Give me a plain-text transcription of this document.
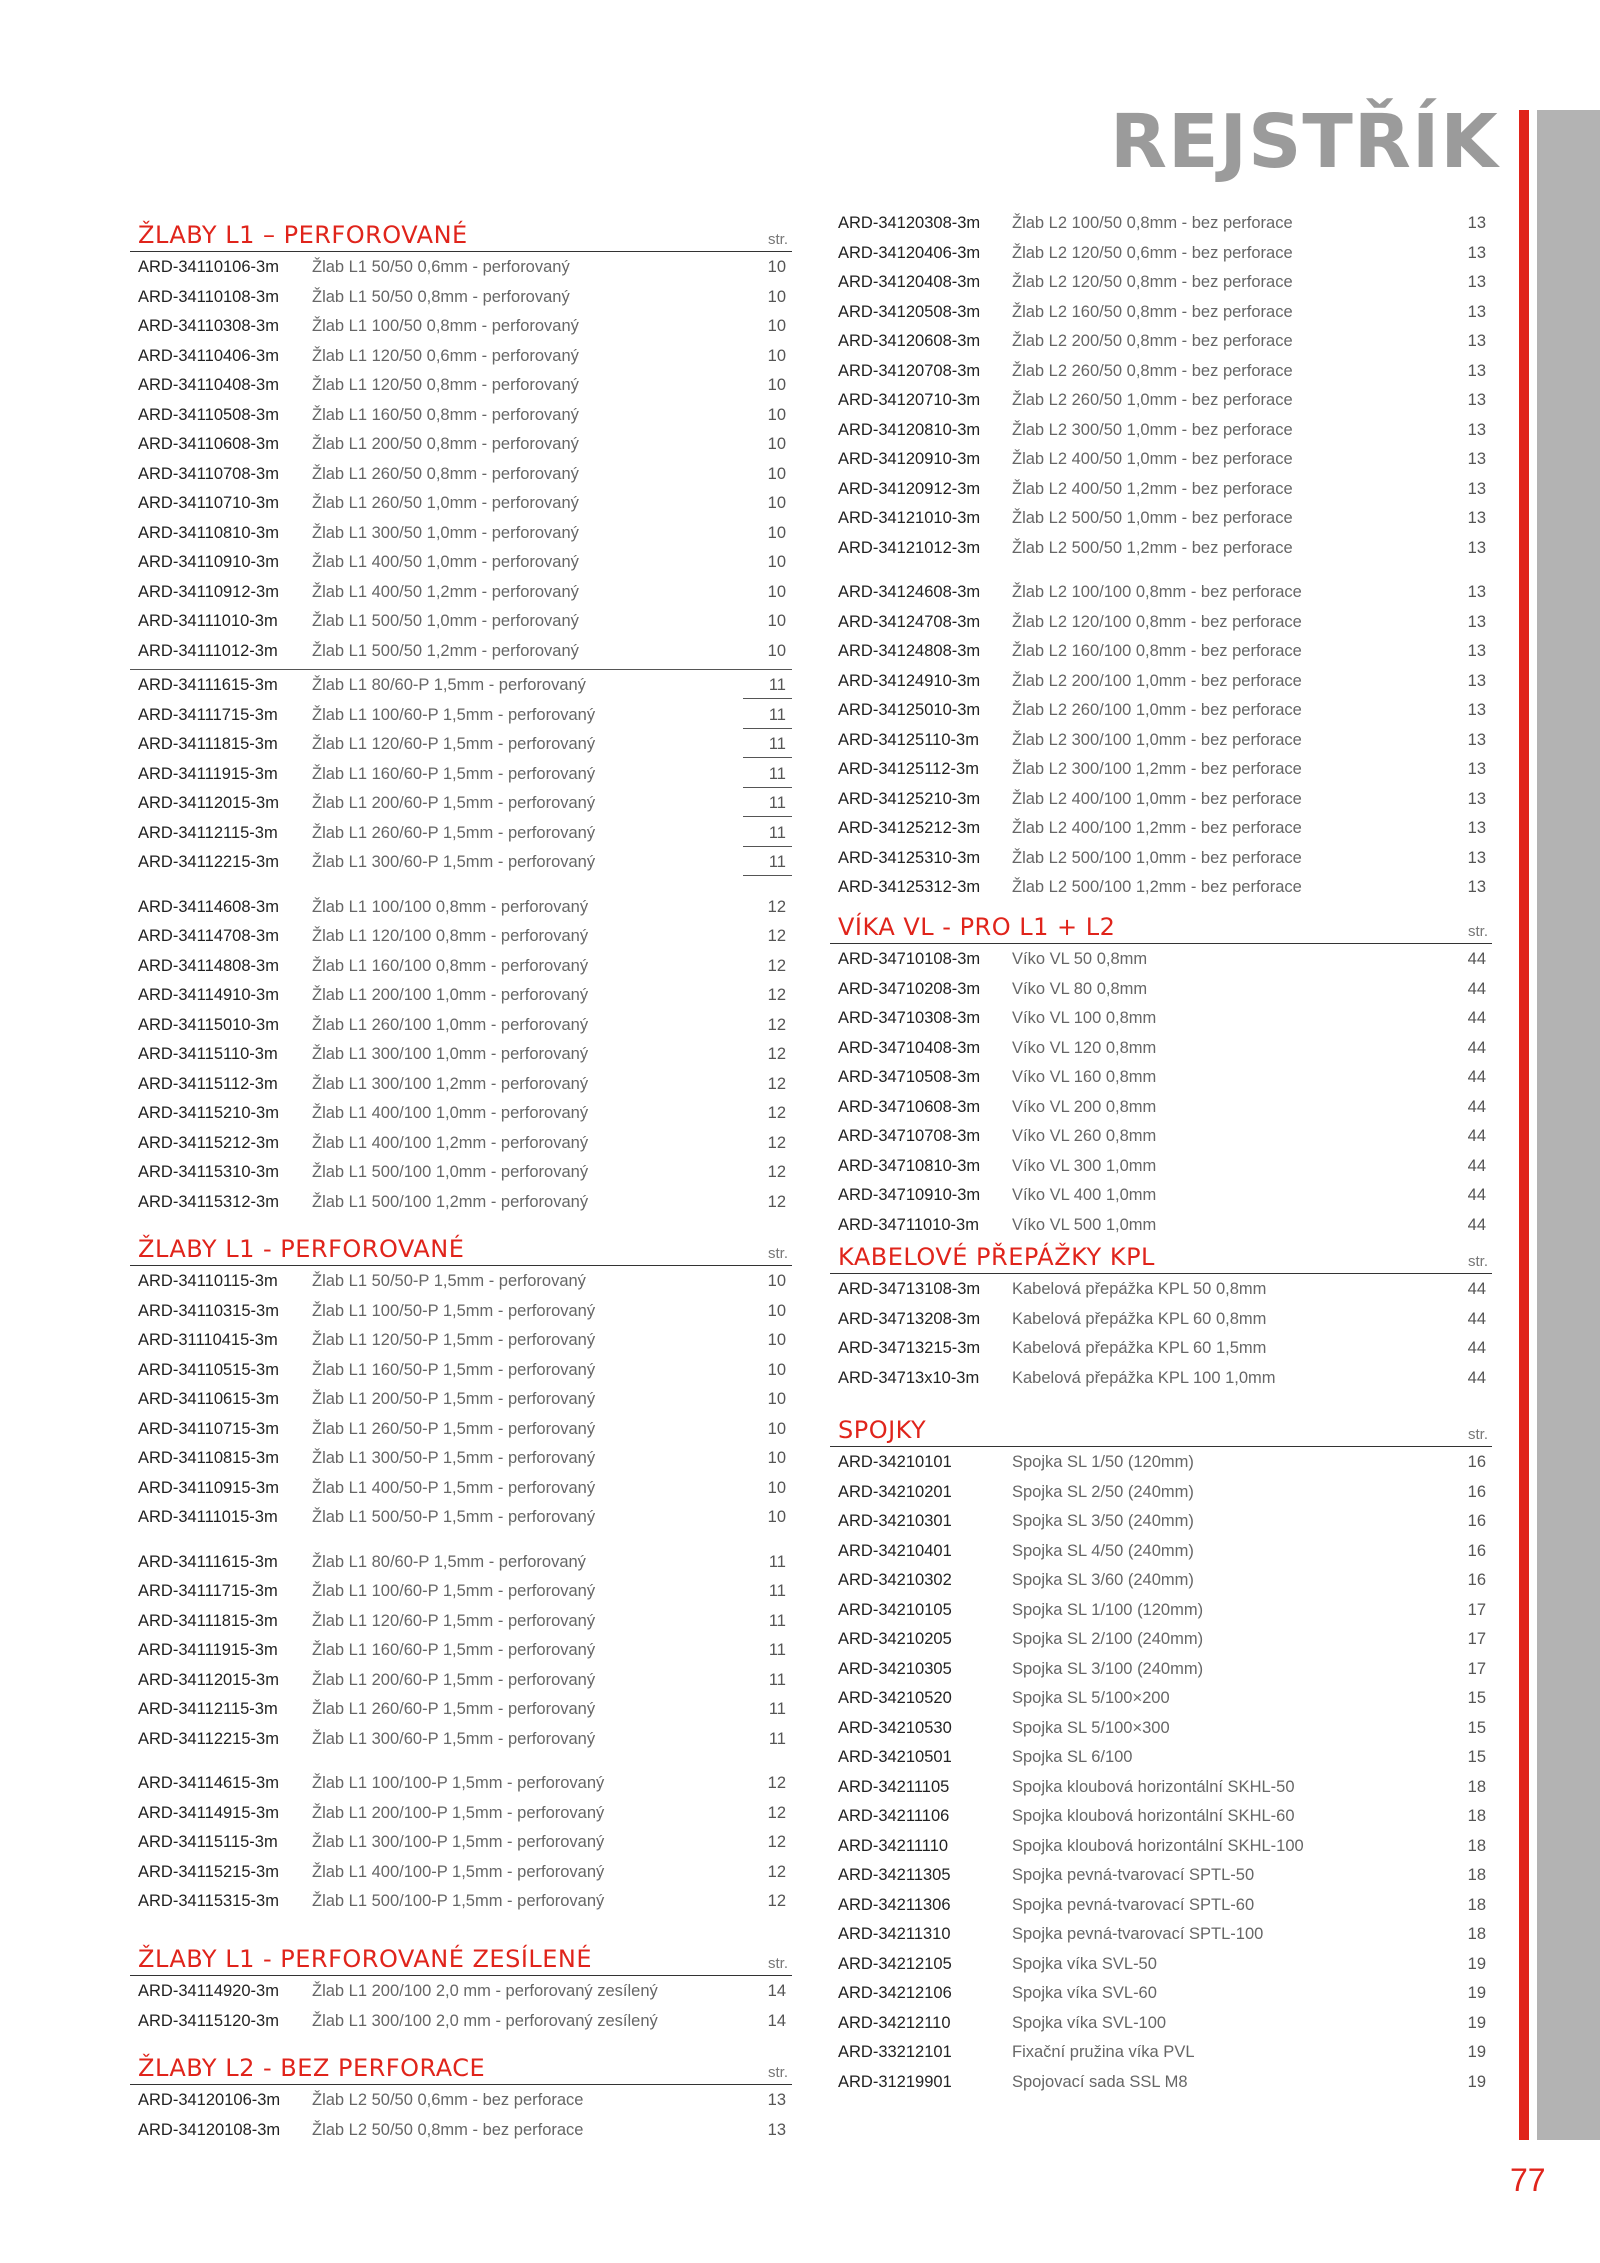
REJSTŘÍK
77
ŽLABY L1 – PERFOROVANÉ	str.
ARD-34110106-3m Žlab L1 50/50 0,6mm - perforovaný	10
ARD-34110108-3m Žlab L1 50/50 0,8mm - perforovaný	10
ARD-34110308-3m Žlab L1 100/50 0,8mm - perforovaný	10
ARD-34110406-3m Žlab L1 120/50 0,6mm - perforovaný	10
ARD-34110408-3m Žlab L1 120/50 0,8mm - perforovaný	10
ARD-34110508-3m Žlab L1 160/50 0,8mm - perforovaný	10
ARD-34110608-3m Žlab L1 200/50 0,8mm - perforovaný	10
ARD-34110708-3m Žlab L1 260/50 0,8mm - perforovaný	10
ARD-34110710-3m Žlab L1 260/50 1,0mm - perforovaný	10
ARD-34110810-3m Žlab L1 300/50 1,0mm - perforovaný	10
ARD-34110910-3m Žlab L1 400/50 1,0mm - perforovaný	10
ARD-34110912-3m Žlab L1 400/50 1,2mm - perforovaný	10
ARD-34111010-3m Žlab L1 500/50 1,0mm - perforovaný	10
ARD-34111012-3m Žlab L1 500/50 1,2mm - perforovaný	10
ARD-34111615-3m Žlab L1 80/60-P 1,5mm - perforovaný	11
ARD-34111715-3m Žlab L1 100/60-P 1,5mm - perforovaný	11
ARD-34111815-3m Žlab L1 120/60-P 1,5mm - perforovaný	11
ARD-34111915-3m Žlab L1 160/60-P 1,5mm - perforovaný	11
ARD-34112015-3m Žlab L1 200/60-P 1,5mm - perforovaný	11
ARD-34112115-3m Žlab L1 260/60-P 1,5mm - perforovaný	11
ARD-34112215-3m Žlab L1 300/60-P 1,5mm - perforovaný	11
ARD-34114608-3m Žlab L1 100/100 0,8mm - perforovaný	12
ARD-34114708-3m Žlab L1 120/100 0,8mm - perforovaný	12
ARD-34114808-3m Žlab L1 160/100 0,8mm - perforovaný	12
ARD-34114910-3m Žlab L1 200/100 1,0mm - perforovaný	12
ARD-34115010-3m Žlab L1 260/100 1,0mm - perforovaný	12
ARD-34115110-3m Žlab L1 300/100 1,0mm - perforovaný	12
ARD-34115112-3m Žlab L1 300/100 1,2mm - perforovaný	12
ARD-34115210-3m Žlab L1 400/100 1,0mm - perforovaný	12
ARD-34115212-3m Žlab L1 400/100 1,2mm - perforovaný	12
ARD-34115310-3m Žlab L1 500/100 1,0mm - perforovaný	12
ARD-34115312-3m Žlab L1 500/100 1,2mm - perforovaný	12
ŽLABY L1 - PERFOROVANÉ	str.
ARD-34110115-3m Žlab L1 50/50-P 1,5mm - perforovaný	10
ARD-34110315-3m Žlab L1 100/50-P 1,5mm - perforovaný	10
ARD-31110415-3m Žlab L1 120/50-P 1,5mm - perforovaný	10
ARD-34110515-3m Žlab L1 160/50-P 1,5mm - perforovaný	10
ARD-34110615-3m Žlab L1 200/50-P 1,5mm - perforovaný	10
ARD-34110715-3m Žlab L1 260/50-P 1,5mm - perforovaný	10
ARD-34110815-3m Žlab L1 300/50-P 1,5mm - perforovaný	10
ARD-34110915-3m Žlab L1 400/50-P 1,5mm - perforovaný	10
ARD-34111015-3m Žlab L1 500/50-P 1,5mm - perforovaný	10
ARD-34111615-3m Žlab L1 80/60-P 1,5mm - perforovaný	11
ARD-34111715-3m Žlab L1 100/60-P 1,5mm - perforovaný	11
ARD-34111815-3m Žlab L1 120/60-P 1,5mm - perforovaný	11
ARD-34111915-3m Žlab L1 160/60-P 1,5mm - perforovaný	11
ARD-34112015-3m Žlab L1 200/60-P 1,5mm - perforovaný	11
ARD-34112115-3m Žlab L1 260/60-P 1,5mm - perforovaný	11
ARD-34112215-3m Žlab L1 300/60-P 1,5mm - perforovaný	11
ARD-34114615-3m Žlab L1 100/100-P 1,5mm - perforovaný	12
ARD-34114915-3m Žlab L1 200/100-P 1,5mm - perforovaný	12
ARD-34115115-3m Žlab L1 300/100-P 1,5mm - perforovaný	12
ARD-34115215-3m Žlab L1 400/100-P 1,5mm - perforovaný	12
ARD-34115315-3m Žlab L1 500/100-P 1,5mm - perforovaný	12
ŽLABY L1 - PERFOROVANÉ ZESÍLENÉ	str.
ARD-34114920-3m Žlab L1 200/100 2,0 mm - perforovaný zesílený	14
ARD-34115120-3m Žlab L1 300/100 2,0 mm - perforovaný zesílený	14
ŽLABY L2 - BEZ PERFORACE	str.
ARD-34120106-3m Žlab L2 50/50 0,6mm - bez perforace	13
ARD-34120108-3m Žlab L2 50/50 0,8mm - bez perforace	13
ARD-34120308-3m Žlab L2 100/50 0,8mm - bez perforace	13
ARD-34120406-3m Žlab L2 120/50 0,6mm - bez perforace	13
ARD-34120408-3m Žlab L2 120/50 0,8mm - bez perforace	13
ARD-34120508-3m Žlab L2 160/50 0,8mm - bez perforace	13
ARD-34120608-3m Žlab L2 200/50 0,8mm - bez perforace	13
ARD-34120708-3m Žlab L2 260/50 0,8mm - bez perforace	13
ARD-34120710-3m Žlab L2 260/50 1,0mm - bez perforace	13
ARD-34120810-3m Žlab L2 300/50 1,0mm - bez perforace	13
ARD-34120910-3m Žlab L2 400/50 1,0mm - bez perforace	13
ARD-34120912-3m Žlab L2 400/50 1,2mm - bez perforace	13
ARD-34121010-3m Žlab L2 500/50 1,0mm - bez perforace	13
ARD-34121012-3m Žlab L2 500/50 1,2mm - bez perforace	13
ARD-34124608-3m Žlab L2 100/100 0,8mm - bez perforace	13
ARD-34124708-3m Žlab L2 120/100 0,8mm - bez perforace	13
ARD-34124808-3m Žlab L2 160/100 0,8mm - bez perforace	13
ARD-34124910-3m Žlab L2 200/100 1,0mm - bez perforace	13
ARD-34125010-3m Žlab L2 260/100 1,0mm - bez perforace	13
ARD-34125110-3m Žlab L2 300/100 1,0mm - bez perforace	13
ARD-34125112-3m Žlab L2 300/100 1,2mm - bez perforace	13
ARD-34125210-3m Žlab L2 400/100 1,0mm - bez perforace	13
ARD-34125212-3m Žlab L2 400/100 1,2mm - bez perforace	13
ARD-34125310-3m Žlab L2 500/100 1,0mm - bez perforace	13
ARD-34125312-3m Žlab L2 500/100 1,2mm - bez perforace	13
VÍKA VL - PRO L1 + L2	str.
ARD-34710108-3m Víko VL 50 0,8mm	44
ARD-34710208-3m Víko VL 80 0,8mm	44
ARD-34710308-3m Víko VL 100 0,8mm	44
ARD-34710408-3m Víko VL 120 0,8mm	44
ARD-34710508-3m Víko VL 160 0,8mm	44
ARD-34710608-3m Víko VL 200 0,8mm	44
ARD-34710708-3m Víko VL 260 0,8mm	44
ARD-34710810-3m Víko VL 300 1,0mm	44
ARD-34710910-3m Víko VL 400 1,0mm	44
ARD-34711010-3m Víko VL 500 1,0mm	44
KABELOVÉ PŘEPÁŽKY KPL	str.
ARD-34713108-3m Kabelová přepážka KPL 50 0,8mm	44
ARD-34713208-3m Kabelová přepážka KPL 60 0,8mm	44
ARD-34713215-3m Kabelová přepážka KPL 60 1,5mm	44
ARD-34713x10-3m Kabelová přepážka KPL 100 1,0mm	44
SPOJKY	str.
ARD-34210101	Spojka SL 1/50 (120mm)	16
ARD-34210201	Spojka SL 2/50 (240mm)	16
ARD-34210301	Spojka SL 3/50 (240mm)	16
ARD-34210401	Spojka SL 4/50 (240mm)	16
ARD-34210302	Spojka SL 3/60 (240mm)	16
ARD-34210105	Spojka SL 1/100 (120mm)	17
ARD-34210205	Spojka SL 2/100 (240mm)	17
ARD-34210305	Spojka SL 3/100 (240mm)	17
ARD-34210520	Spojka SL 5/100×200	15
ARD-34210530	Spojka SL 5/100×300	15
ARD-34210501	Spojka SL 6/100	15
ARD-34211105	Spojka kloubová horizontální SKHL-50	18
ARD-34211106	Spojka kloubová horizontální SKHL-60	18
ARD-34211110	Spojka kloubová horizontální SKHL-100	18
ARD-34211305	Spojka pevná-tvarovací SPTL-50	18
ARD-34211306	Spojka pevná-tvarovací SPTL-60	18
ARD-34211310	Spojka pevná-tvarovací SPTL-100	18
ARD-34212105	Spojka víka SVL-50	19
ARD-34212106	Spojka víka SVL-60	19
ARD-34212110	Spojka víka SVL-100	19
ARD-33212101	Fixační pružina víka PVL	19
ARD-31219901	Spojovací sada SSL M8	19
